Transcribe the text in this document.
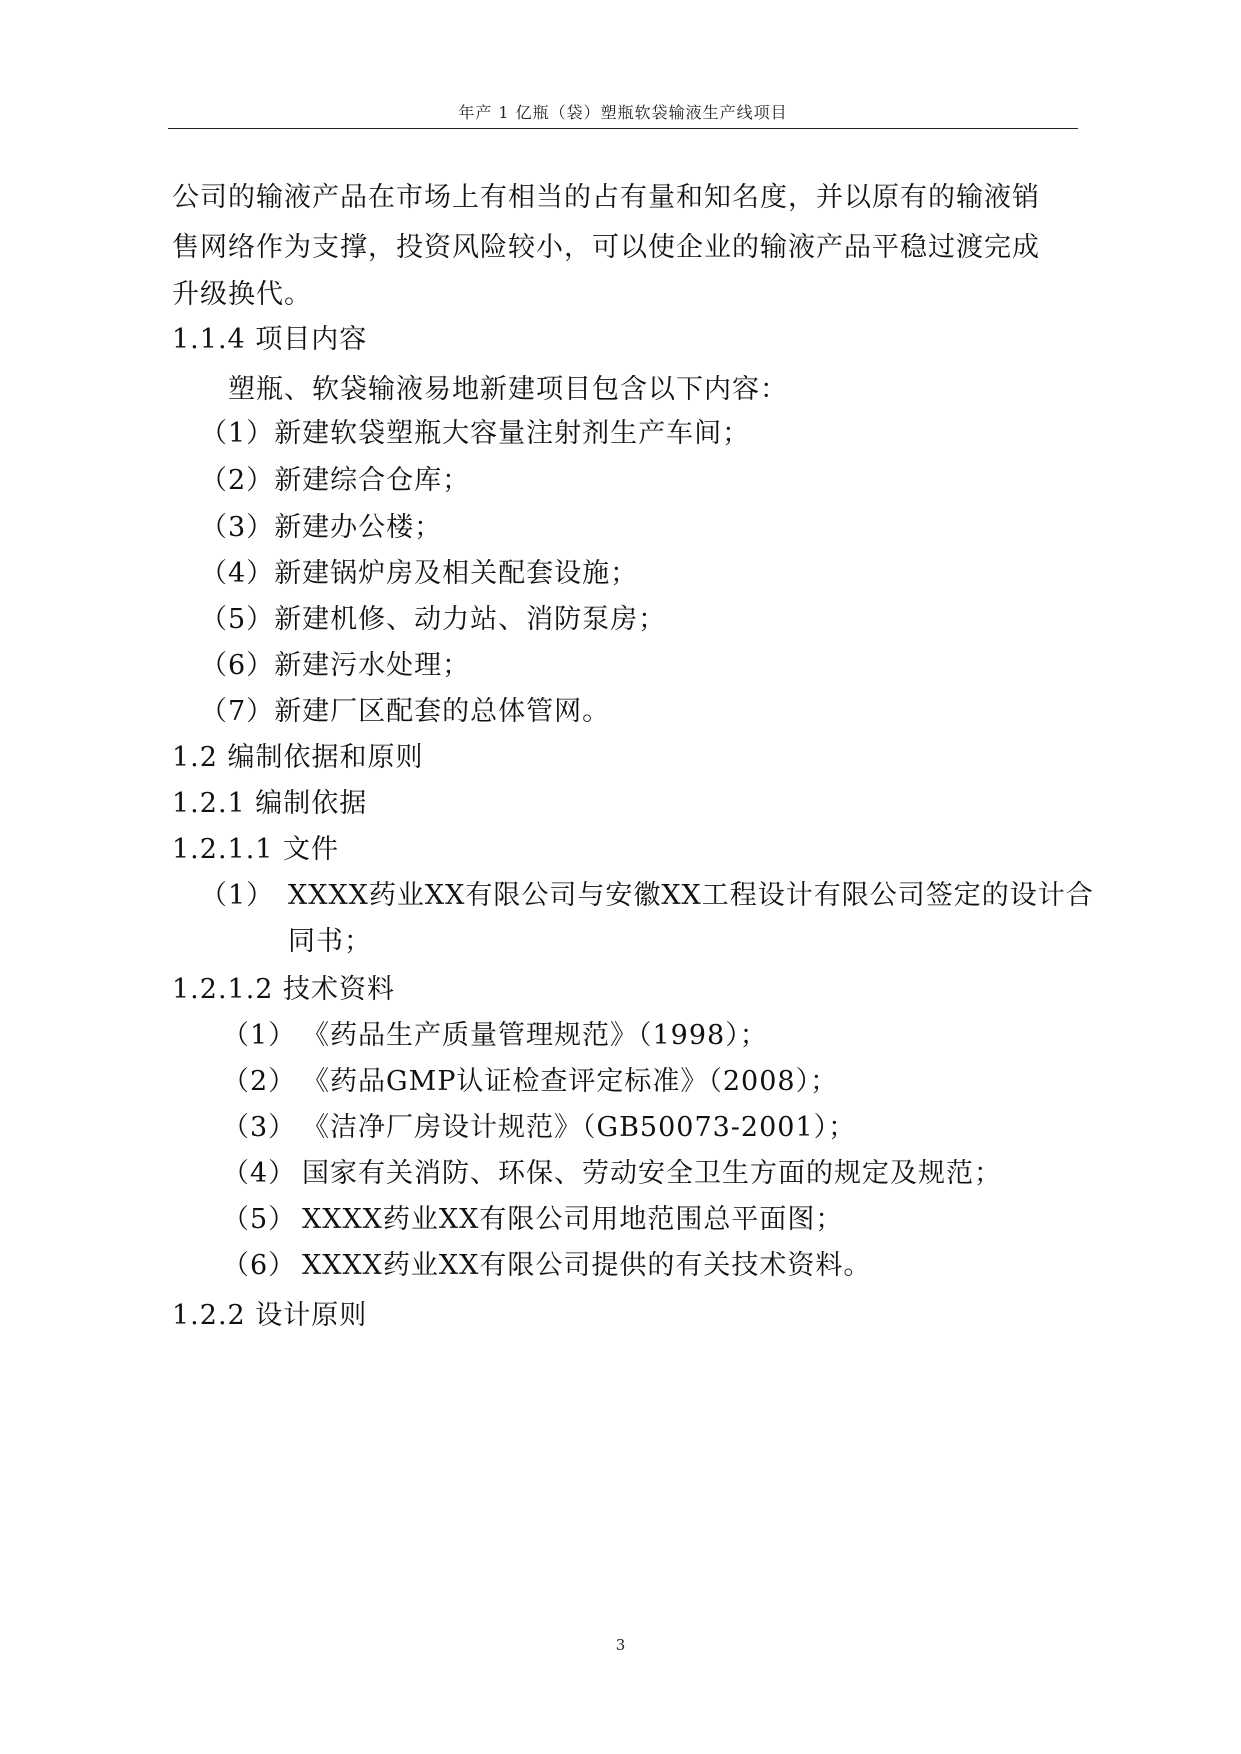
年产 1 亿瓶（袋）塑瓶软袋输液生产线项目
公司的输液产品在市场上有相当的占有量和知名度，并以原有的输液销
售网络作为支撑，投资风险较小，可以使企业的输液产品平稳过渡完成
升级换代。
1.1.4 项目内容
塑瓶、软袋输液易地新建项目包含以下内容：
（1）新建软袋塑瓶大容量注射剂生产车间；
（2）新建综合仓库；
（3）新建办公楼；
（4）新建锅炉房及相关配套设施；
（5）新建机修、动力站、消防泵房；
（6）新建污水处理；
（7）新建厂区配套的总体管网。
1.2 编制依据和原则
1.2.1 编制依据
1.2.1.1 文件
（1） XXXX药业XX有限公司与安徽XX工程设计有限公司签定的设计合
同书；
1.2.1.2 技术资料
（1） 《药品生产质量管理规范》（1998）；
（2） 《药品GMP认证检查评定标准》（2008）；
（3） 《洁净厂房设计规范》（GB50073-2001）；
（4） 国家有关消防、环保、劳动安全卫生方面的规定及规范；
（5） XXXX药业XX有限公司用地范围总平面图；
（6） XXXX药业XX有限公司提供的有关技术资料。
1.2.2 设计原则
3
